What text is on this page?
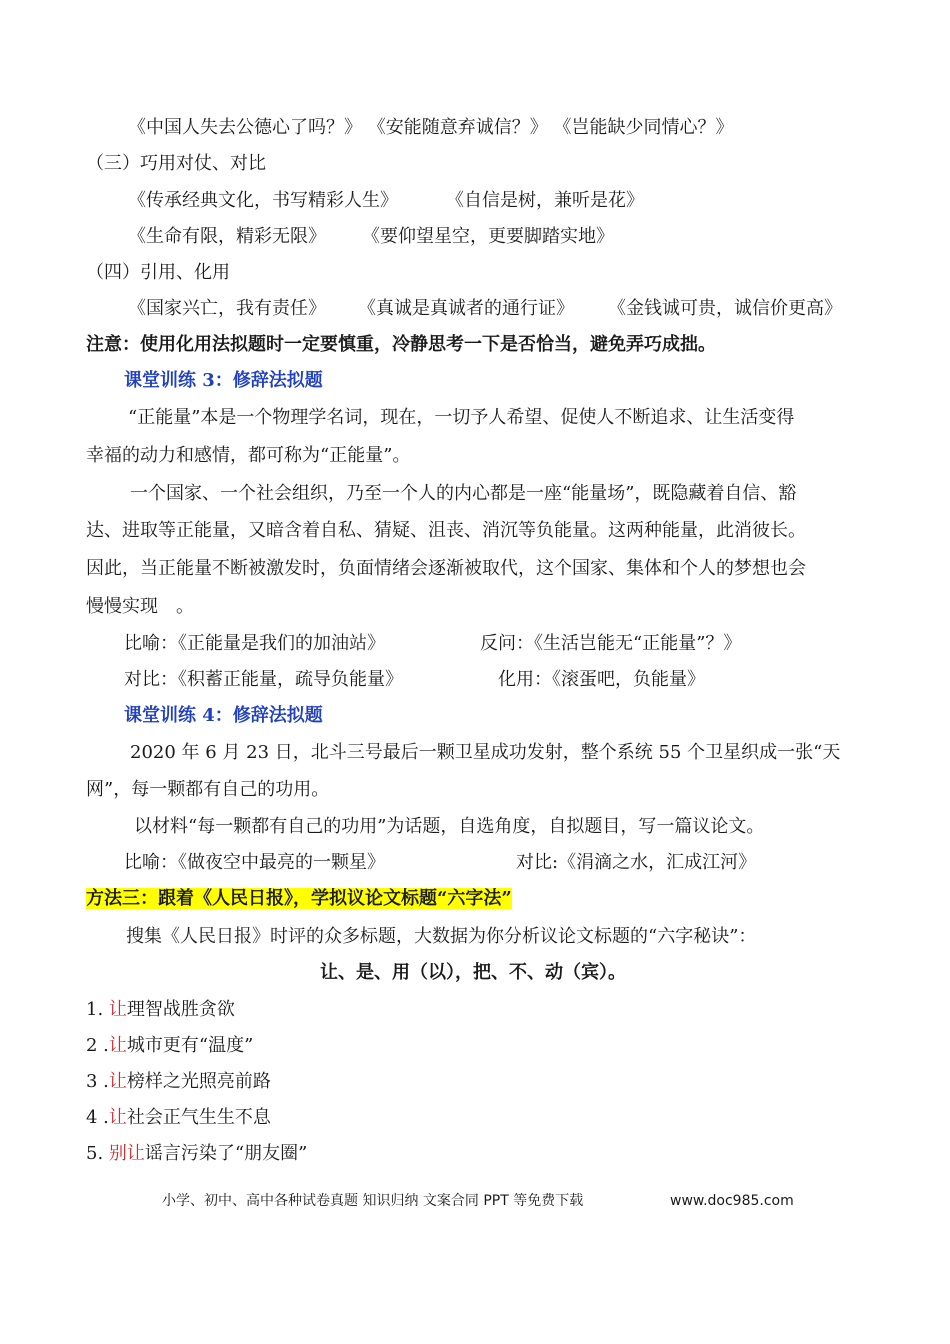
《中国人失去公德心了吗？》 《安能随意弃诚信？》 《岂能缺少同情心？》
（三）巧用对仗、对比
《传承经典文化，书写精彩人生》	《自信是树，兼听是花》
《生命有限，精彩无限》 《要仰望星空，更要脚踏实地》
（四）引用、化用
《国家兴亡，我有责任》 《真诚是真诚者的通行证》 《金钱诚可贵，诚信价更高》
注意：使用化用法拟题时一定要慎重，冷静思考一下是否恰当，避免弄巧成拙。
课堂训练 3：修辞法拟题
“正能量”本是一个物理学名词，现在，一切予人希望、促使人不断追求、让生活变得
幸福的动力和感情，都可称为“正能量”。
一个国家、一个社会组织，乃至一个人的内心都是一座“能量场”，既隐藏着自信、豁
达、进取等正能量，又暗含着自私、猜疑、沮丧、消沉等负能量。这两种能量，此消彼长。
因此，当正能量不断被激发时，负面情绪会逐渐被取代，这个国家、集体和个人的梦想也会
慢慢实现　。
比喻：《正能量是我们的加油站》	反问：《生活岂能无“正能量”？》
对比：《积蓄正能量，疏导负能量》	化用：《滚蛋吧，负能量》
课堂训练 4：修辞法拟题
2020 年 6 月 23 日，北斗三号最后一颗卫星成功发射，整个系统 55 个卫星织成一张“天
网”，每一颗都有自己的功用。
以材料“每一颗都有自己的功用”为话题，自选角度，自拟题目，写一篇议论文。
比喻：《做夜空中最亮的一颗星》	对比:《涓滴之水，汇成江河》
方法三：跟着《人民日报》，学拟议论文标题“六字法”
搜集《人民日报》时评的众多标题，大数据为你分析议论文标题的“六字秘诀”：
让、是、用（以），把、不、动（宾）。
1. 让理智战胜贪欲
2 .让城市更有“温度”
3 .让榜样之光照亮前路
4 .让社会正气生生不息
5. 别让谣言污染了“朋友圈”
小学、初中、高中各种试卷真题 知识归纳 文案合同 PPT 等免费下载	www.doc985.com
